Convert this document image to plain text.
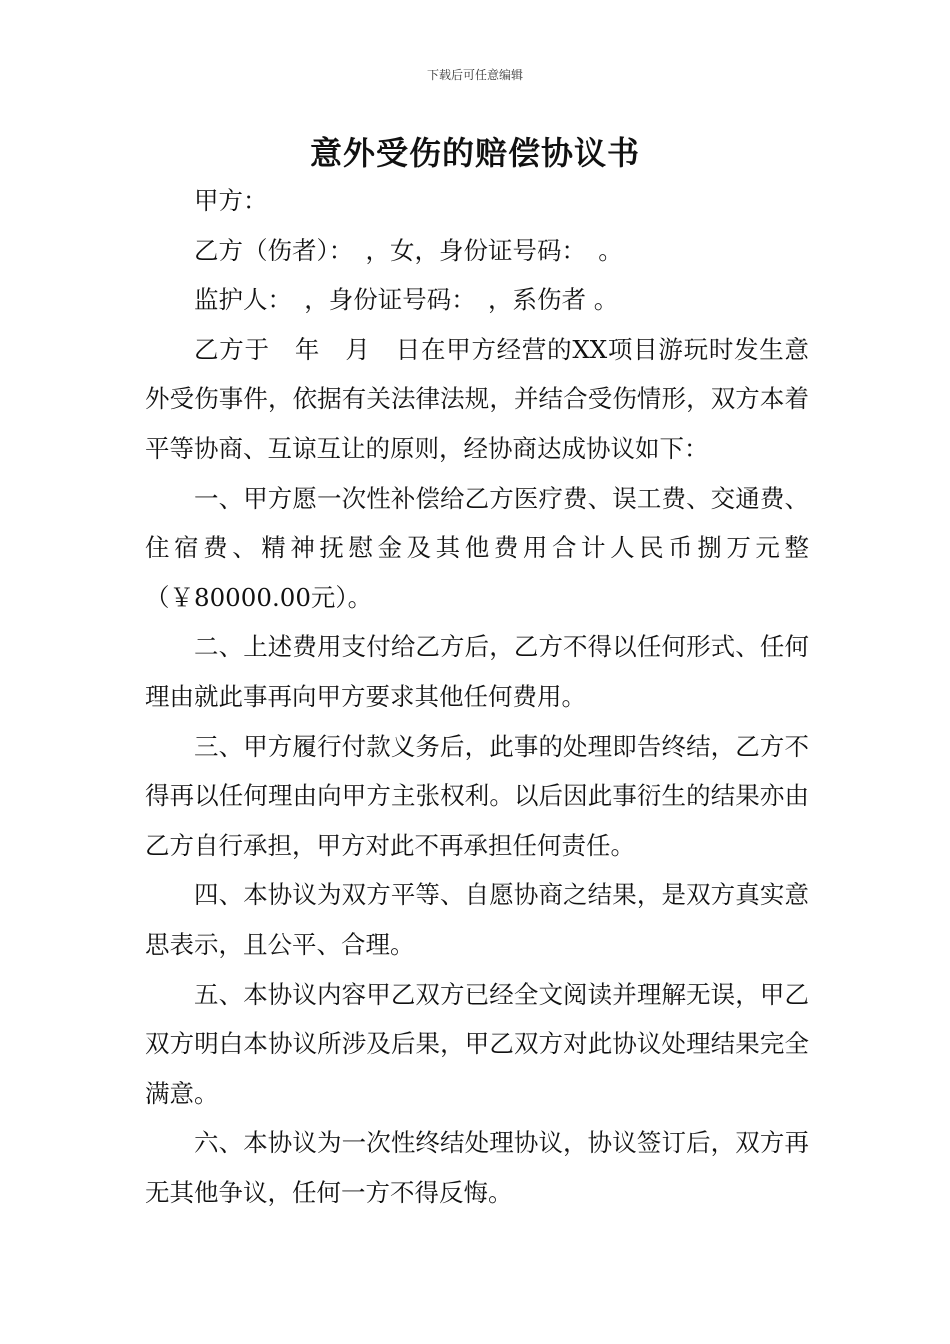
下载后可任意编辑
意外受伤的赔偿协议书

甲方：

乙方（伤者）：　，女，身份证号码：　。

监护人：　，身份证号码：　，系伤者 。

乙方于　年　月　日在甲方经营的XX项目游玩时发生意外受伤事件，依据有关法律法规，并结合受伤情形，双方本着平等协商、互谅互让的原则，经协商达成协议如下：

一、甲方愿一次性补偿给乙方医疗费、误工费、交通费、住宿费、精神抚慰金及其他费用合计人民币捌万元整（￥80000.00元）。

二、上述费用支付给乙方后，乙方不得以任何形式、任何理由就此事再向甲方要求其他任何费用。

三、甲方履行付款义务后，此事的处理即告终结，乙方不得再以任何理由向甲方主张权利。以后因此事衍生的结果亦由乙方自行承担，甲方对此不再承担任何责任。

四、本协议为双方平等、自愿协商之结果，是双方真实意思表示，且公平、合理。

五、本协议内容甲乙双方已经全文阅读并理解无误，甲乙双方明白本协议所涉及后果，甲乙双方对此协议处理结果完全满意。

六、本协议为一次性终结处理协议，协议签订后，双方再无其他争议，任何一方不得反悔。
